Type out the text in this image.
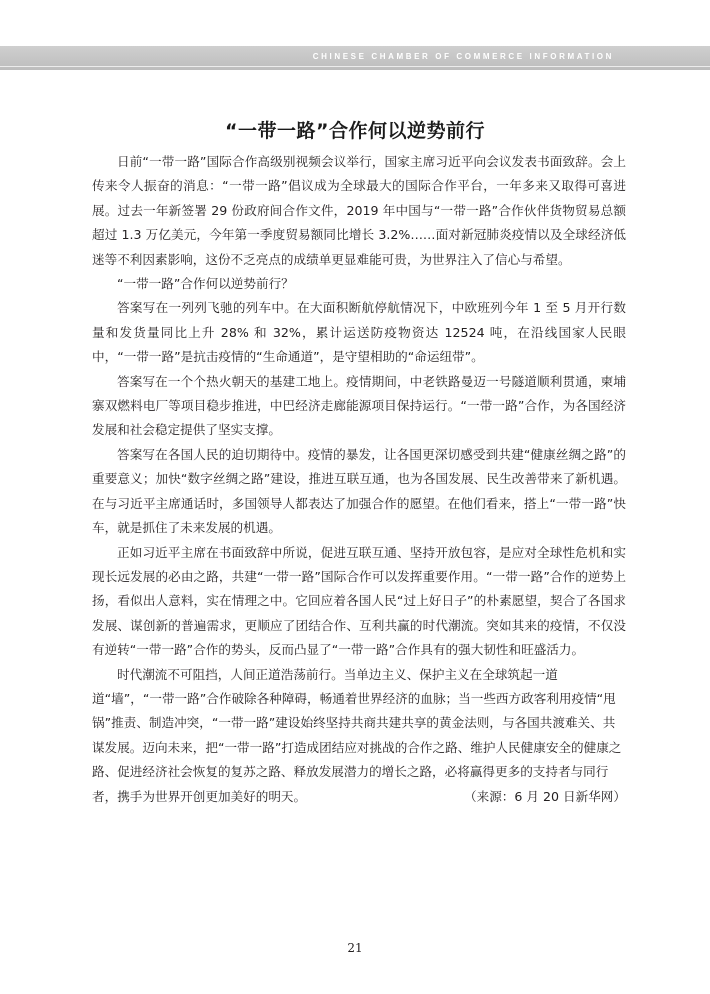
CHINESE CHAMBER OF COMMERCE INFORMATION
“一带一路”合作何以逆势前行

日前“一带一路”国际合作高级别视频会议举行，国家主席习近平向会议发表书面致辞。会上传来令人振奋的消息：“一带一路”倡议成为全球最大的国际合作平台，一年多来又取得可喜进展。过去一年新签署 29 份政府间合作文件，2019 年中国与“一带一路”合作伙伴货物贸易总额超过 1.3 万亿美元，今年第一季度贸易额同比增长 3.2%……面对新冠肺炎疫情以及全球经济低迷等不利因素影响，这份不乏亮点的成绩单更显难能可贵，为世界注入了信心与希望。

“一带一路”合作何以逆势前行？

答案写在一列列飞驰的列车中。在大面积断航停航情况下，中欧班列今年 1 至 5 月开行数量和发货量同比上升 28% 和 32%，累计运送防疫物资达 12524 吨，在沿线国家人民眼中，“一带一路”是抗击疫情的“生命通道”，是守望相助的“命运纽带”。

答案写在一个个热火朝天的基建工地上。疫情期间，中老铁路曼迈一号隧道顺利贯通，柬埔寨双燃料电厂等项目稳步推进，中巴经济走廊能源项目保持运行。“一带一路”合作，为各国经济发展和社会稳定提供了坚实支撑。

答案写在各国人民的迫切期待中。疫情的暴发，让各国更深切感受到共建“健康丝绸之路”的重要意义；加快“数字丝绸之路”建设，推进互联互通，也为各国发展、民生改善带来了新机遇。在与习近平主席通话时，多国领导人都表达了加强合作的愿望。在他们看来，搭上“一带一路”快车，就是抓住了未来发展的机遇。

正如习近平主席在书面致辞中所说，促进互联互通、坚持开放包容，是应对全球性危机和实现长远发展的必由之路，共建“一带一路”国际合作可以发挥重要作用。“一带一路”合作的逆势上扬，看似出人意料，实在情理之中。它回应着各国人民“过上好日子”的朴素愿望，契合了各国求发展、谋创新的普遍需求，更顺应了团结合作、互利共赢的时代潮流。突如其来的疫情，不仅没有逆转“一带一路”合作的势头，反而凸显了“一带一路”合作具有的强大韧性和旺盛活力。

时代潮流不可阻挡，人间正道浩荡前行。当单边主义、保护主义在全球筑起一道道“墙”，“一带一路”合作破除各种障碍，畅通着世界经济的血脉；当一些西方政客利用疫情“甩锅”推责、制造冲突，“一带一路”建设始终坚持共商共建共享的黄金法则，与各国共渡难关、共谋发展。迈向未来，把“一带一路”打造成团结应对挑战的合作之路、维护人民健康安全的健康之路、促进经济社会恢复的复苏之路、释放发展潜力的增长之路，必将赢得更多的支持者与同行者，携手为世界开创更加美好的明天。	（来源：6 月 20 日新华网）

21
